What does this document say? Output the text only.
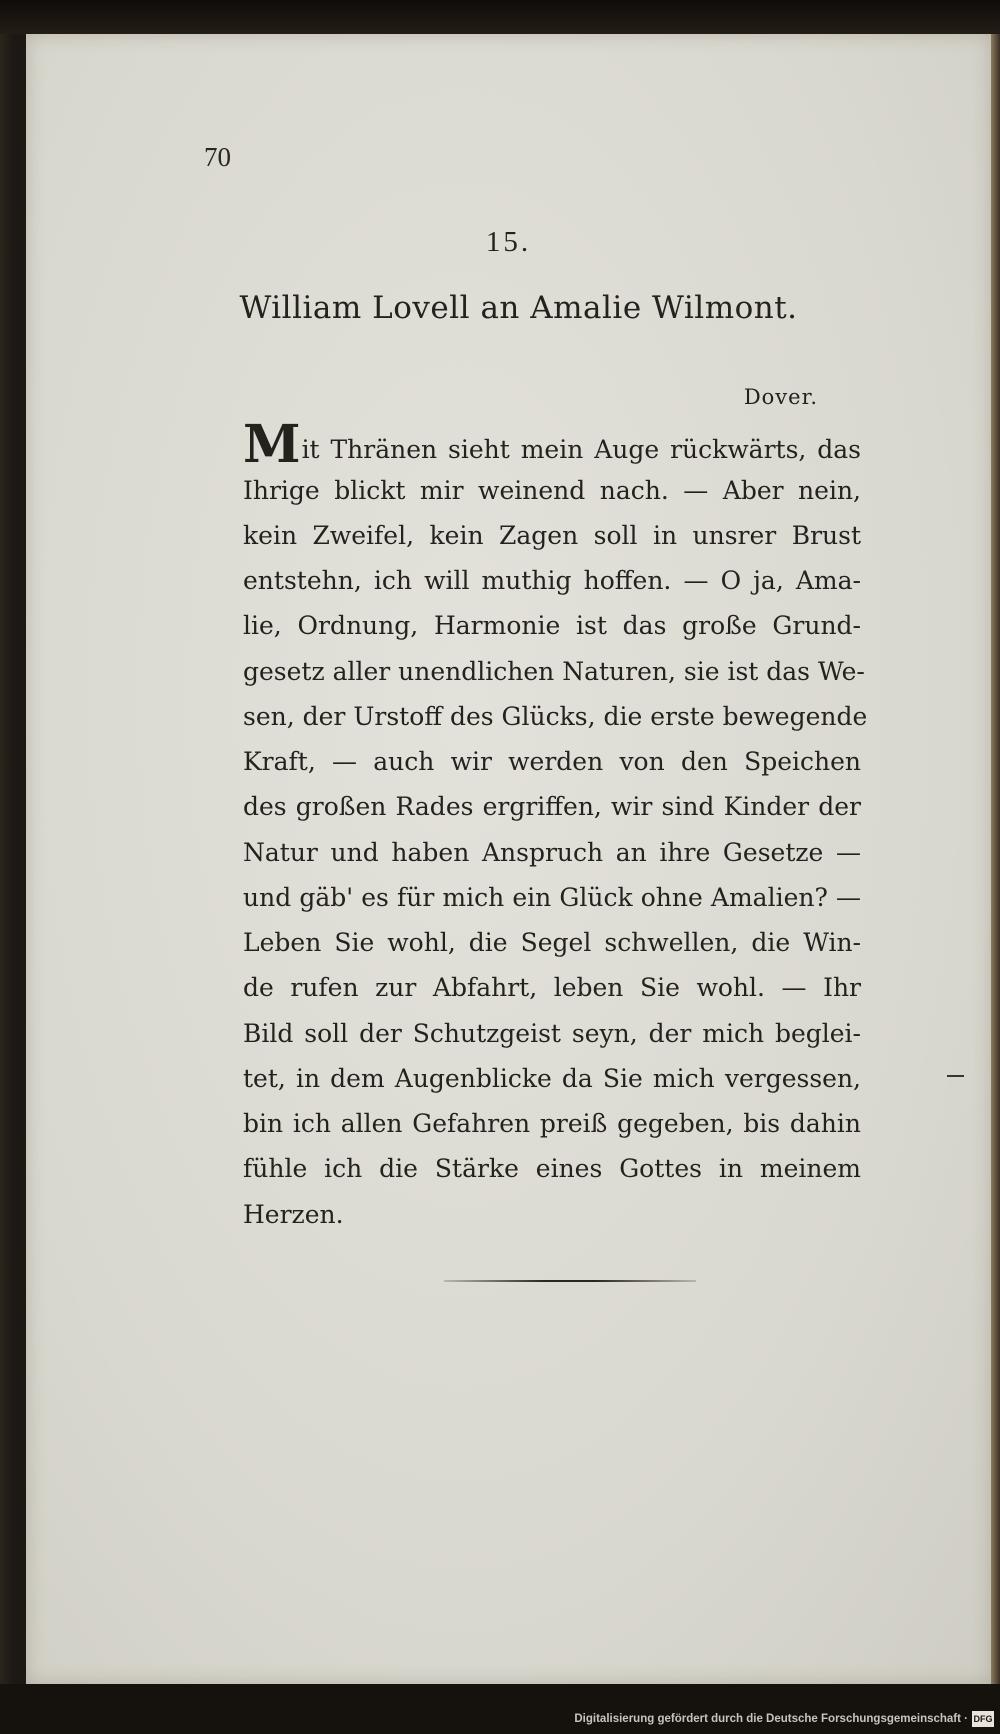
70
15.
William Lovell an Amalie Wilmont.
Dover.
Mit Thränen sieht mein Auge rückwärts, das
Ihrige blickt mir weinend nach. — Aber nein,
kein Zweifel, kein Zagen soll in unsrer Brust
entstehn, ich will muthig hoffen. — O ja, Ama-
lie, Ordnung, Harmonie ist das große Grund-
gesetz aller unendlichen Naturen, sie ist das We-
sen, der Urstoff des Glücks, die erste bewegende
Kraft, — auch wir werden von den Speichen
des großen Rades ergriffen, wir sind Kinder der
Natur und haben Anspruch an ihre Gesetze —
und gäb' es für mich ein Glück ohne Amalien? —
Leben Sie wohl, die Segel schwellen, die Win-
de rufen zur Abfahrt, leben Sie wohl. — Ihr
Bild soll der Schutzgeist seyn, der mich beglei-
tet, in dem Augenblicke da Sie mich vergessen,
bin ich allen Gefahren preiß gegeben, bis dahin
fühle ich die Stärke eines Gottes in meinem
Herzen.
Digitalisierung gefördert durch die Deutsche Forschungsgemeinschaft · DFG
